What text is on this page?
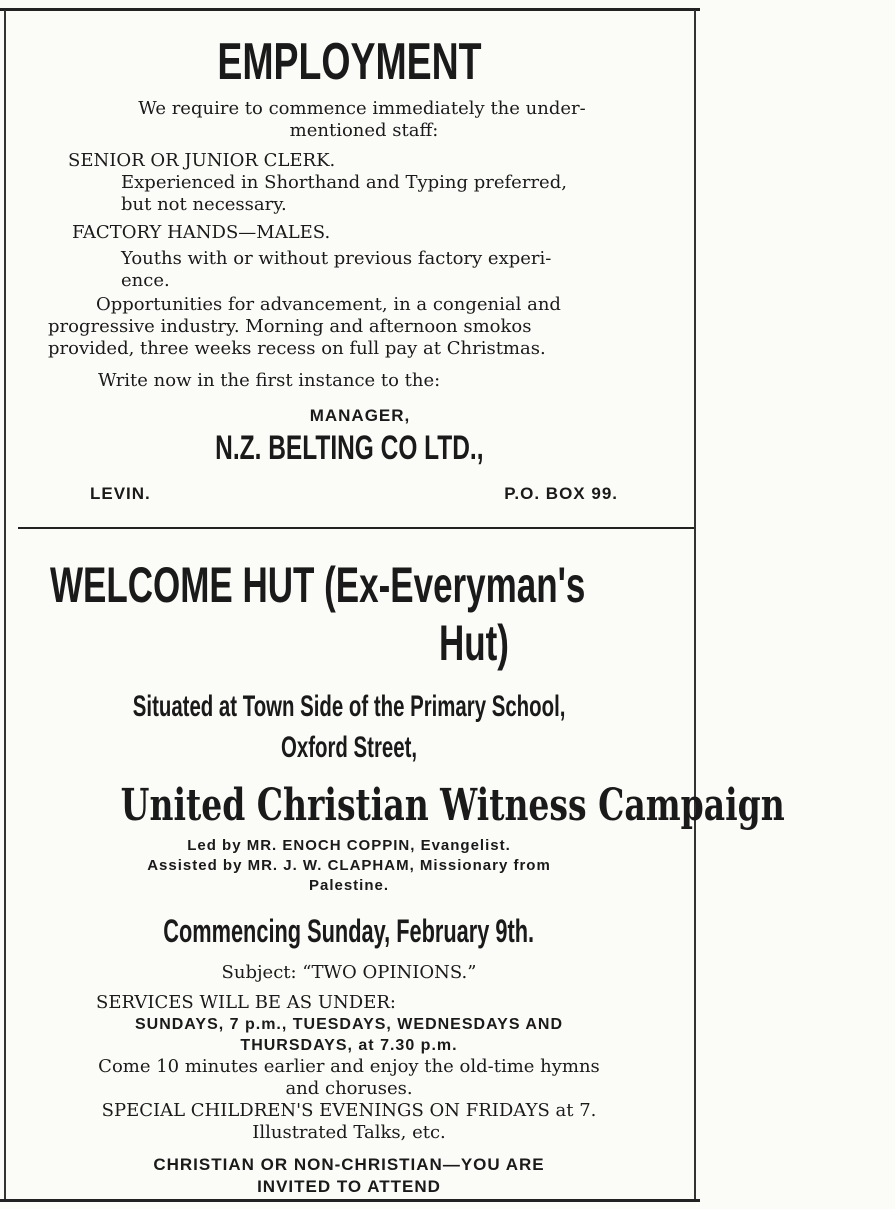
EMPLOYMENT
We require to commence immediately the under-
mentioned staff:
SENIOR OR JUNIOR CLERK.
Experienced in Shorthand and Typing preferred,
but not necessary.
FACTORY HANDS—MALES.
Youths with or without previous factory experi-
ence.
Opportunities for advancement, in a congenial and
progressive industry. Morning and afternoon smokos
provided, three weeks recess on full pay at Christmas.
Write now in the first instance to the:
MANAGER,
N.Z. BELTING CO LTD.,
LEVIN.	P.O. BOX 99.
WELCOME HUT (Ex-Everyman's
Hut)
Situated at Town Side of the Primary School,
Oxford Street,
United Christian Witness Campaign
Led by MR. ENOCH COPPIN, Evangelist.
Assisted by MR. J. W. CLAPHAM, Missionary from
Palestine.
Commencing Sunday, February 9th.
Subject: “TWO OPINIONS.”
SERVICES WILL BE AS UNDER:
SUNDAYS, 7 p.m., TUESDAYS, WEDNESDAYS AND
THURSDAYS, at 7.30 p.m.
Come 10 minutes earlier and enjoy the old-time hymns
and choruses.
SPECIAL CHILDREN'S EVENINGS ON FRIDAYS at 7.
Illustrated Talks, etc.
CHRISTIAN OR NON-CHRISTIAN—YOU ARE
INVITED TO ATTEND
